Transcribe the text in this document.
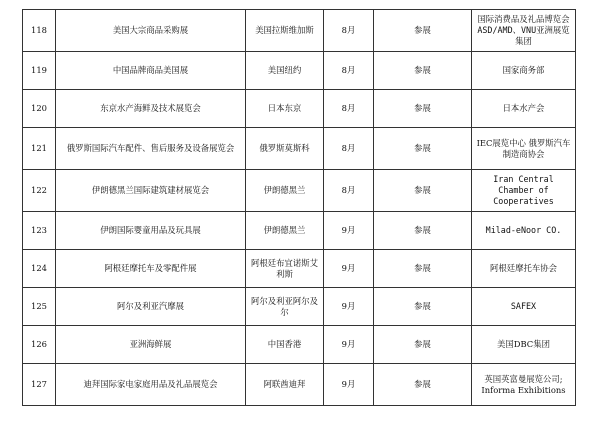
118	美国大宗商品采购展	美国拉斯维加斯	8月	参展	国际消费品及礼品博览会 ASD/AMD、VNU亚洲展览集团
119	中国品牌商品美国展	美国纽约	8月	参展	国家商务部
120	东京水产海鲜及技术展览会	日本东京	8月	参展	日本水产会
121	俄罗斯国际汽车配件、售后服务及设备展览会	俄罗斯莫斯科	8月	参展	IEC展览中心 俄罗斯汽车制造商协会
122	伊朗德黑兰国际建筑建材展览会	伊朗德黑兰	8月	参展	Iran Central Chamber of Cooperatives
123	伊朗国际婴童用品及玩具展	伊朗德黑兰	9月	参展	Milad-eNoor CO.
124	阿根廷摩托车及零配件展	阿根廷布宜诺斯艾利斯	9月	参展	阿根廷摩托车协会
125	阿尔及利亚汽摩展	阿尔及利亚阿尔及尔	9月	参展	SAFEX
126	亚洲海鲜展	中国香港	9月	参展	美国DBC集团
127	迪拜国际家电家庭用品及礼品展览会	阿联酋迪拜	9月	参展	英国英富曼展览公司; Informa Exhibitions
